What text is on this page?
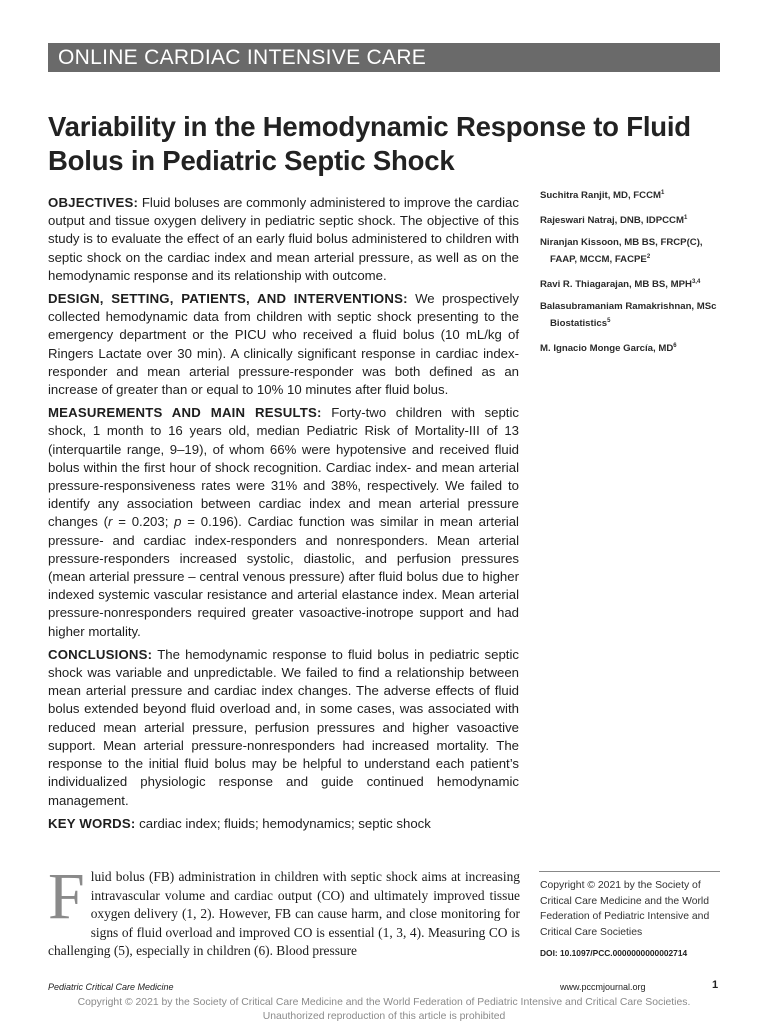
ONLINE CARDIAC INTENSIVE CARE
Variability in the Hemodynamic Response to Fluid Bolus in Pediatric Septic Shock

OBJECTIVES: Fluid boluses are commonly administered to improve the cardiac output and tissue oxygen delivery in pediatric septic shock. The objective of this study is to evaluate the effect of an early fluid bolus administered to children with septic shock on the cardiac index and mean arterial pressure, as well as on the hemodynamic response and its relationship with outcome.

DESIGN, SETTING, PATIENTS, AND INTERVENTIONS: We prospectively collected hemodynamic data from children with septic shock presenting to the emergency department or the PICU who received a fluid bolus (10 mL/kg of Ringers Lactate over 30 min). A clinically significant response in cardiac index-responder and mean arterial pressure-responder was both defined as an increase of greater than or equal to 10% 10 minutes after fluid bolus.

MEASUREMENTS AND MAIN RESULTS: Forty-two children with septic shock, 1 month to 16 years old, median Pediatric Risk of Mortality-III of 13 (interquartile range, 9–19), of whom 66% were hypotensive and received fluid bolus within the first hour of shock recognition. Cardiac index- and mean arterial pressure-responsiveness rates were 31% and 38%, respectively. We failed to identify any association between cardiac index and mean arterial pressure changes (r = 0.203; p = 0.196). Cardiac function was similar in mean arterial pressure- and cardiac index-responders and nonresponders. Mean arterial pressure-responders increased systolic, diastolic, and perfusion pressures (mean arterial pressure – central venous pressure) after fluid bolus due to higher indexed systemic vascular resistance and arterial elastance index. Mean arterial pressure-nonresponders required greater vasoactive-inotrope support and had higher mortality.

CONCLUSIONS: The hemodynamic response to fluid bolus in pediatric septic shock was variable and unpredictable. We failed to find a relationship between mean arterial pressure and cardiac index changes. The adverse effects of fluid bolus extended beyond fluid overload and, in some cases, was associated with reduced mean arterial pressure, perfusion pressures and higher vasoactive support. Mean arterial pressure-nonresponders had increased mortality. The response to the initial fluid bolus may be helpful to understand each patient’s individualized physiologic response and guide continued hemodynamic management.

KEY WORDS: cardiac index; fluids; hemodynamics; septic shock

Suchitra Ranjit, MD, FCCM$^1$
Rajeswari Natraj, DNB, IDPCCM$^1$
Niranjan Kissoon, MB BS, FRCP(C), FAAP, MCCM, FACPE$^2$
Ravi R. Thiagarajan, MB BS, MPH$^{3,4}$
Balasubramaniam Ramakrishnan, MSc Biostatistics$^5$
M. Ignacio Monge García, $MD^6$
Fluid bolus (FB) administration in children with septic shock aims at increasing intravascular volume and cardiac output (CO) and ultimately improved tissue oxygen delivery (1, 2). However, FB can cause harm, and close monitoring for signs of fluid overload and improved CO is essential (1, 3, 4). Measuring CO is challenging (5), especially in children (6). Blood pressure
Copyright © 2021 by the Society of Critical Care Medicine and the World Federation of Pediatric Intensive and Critical Care Societies
DOI: 10.1097/PCC.0000000000002714
Pediatric Critical Care Medicine	www.pccmjournal.org	1
Copyright © 2021 by the Society of Critical Care Medicine and the World Federation of Pediatric Intensive and Critical Care Societies.
Unauthorized reproduction of this article is prohibited
